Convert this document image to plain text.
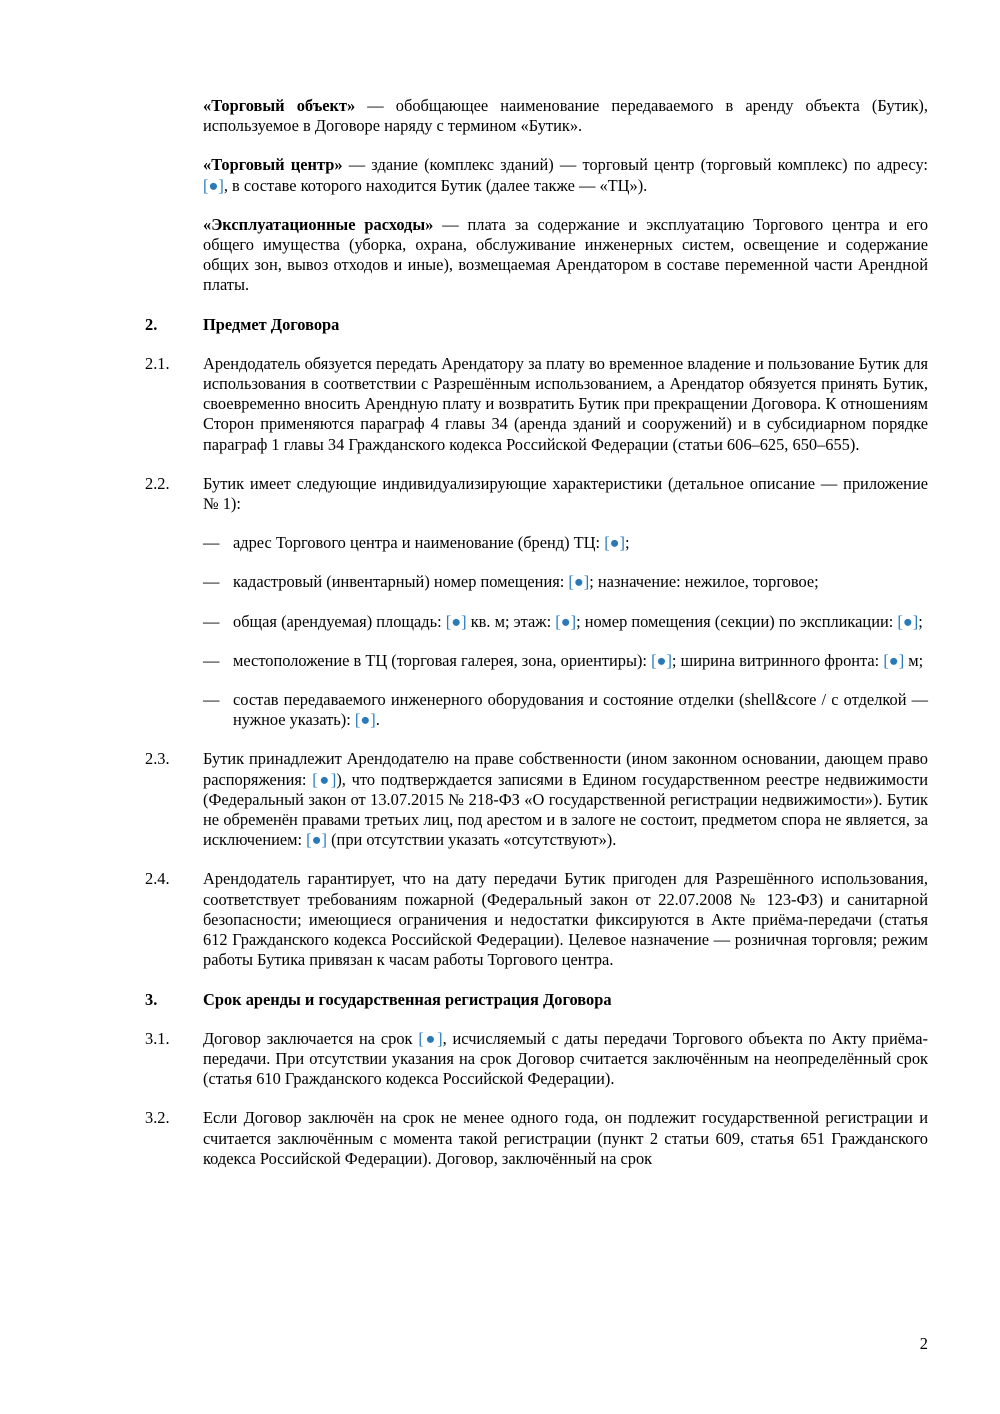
«Торговый объект» — обобщающее наименование передаваемого в аренду объекта (Бутик), используемое в Договоре наряду с термином «Бутик».
«Торговый центр» — здание (комплекс зданий) — торговый центр (торговый комплекс) по адресу: [●], в составе которого находится Бутик (далее также — «ТЦ»).
«Эксплуатационные расходы» — плата за содержание и эксплуатацию Торгового центра и его общего имущества (уборка, охрана, обслуживание инженерных систем, освещение и содержание общих зон, вывоз отходов и иные), возмещаемая Арендатором в составе переменной части Арендной платы.
2.	Предмет Договора
2.1.	Арендодатель обязуется передать Арендатору за плату во временное владение и пользование Бутик для использования в соответствии с Разрешённым использованием, а Арендатор обязуется принять Бутик, своевременно вносить Арендную плату и возвратить Бутик при прекращении Договора. К отношениям Сторон применяются параграф 4 главы 34 (аренда зданий и сооружений) и в субсидиарном порядке параграф 1 главы 34 Гражданского кодекса Российской Федерации (статьи 606–625, 650–655).
2.2.	Бутик имеет следующие индивидуализирующие характеристики (детальное описание — приложение № 1):
— адрес Торгового центра и наименование (бренд) ТЦ: [●];
— кадастровый (инвентарный) номер помещения: [●]; назначение: нежилое, торговое;
— общая (арендуемая) площадь: [●] кв. м; этаж: [●]; номер помещения (секции) по экспликации: [●];
— местоположение в ТЦ (торговая галерея, зона, ориентиры): [●]; ширина витринного фронта: [●] м;
— состав передаваемого инженерного оборудования и состояние отделки (shell&core / с отделкой — нужное указать): [●].
2.3.	Бутик принадлежит Арендодателю на праве собственности (ином законном основании, дающем право распоряжения: [●]), что подтверждается записями в Едином государственном реестре недвижимости (Федеральный закон от 13.07.2015 № 218-ФЗ «О государственной регистрации недвижимости»). Бутик не обременён правами третьих лиц, под арестом и в залоге не состоит, предметом спора не является, за исключением: [●] (при отсутствии указать «отсутствуют»).
2.4.	Арендодатель гарантирует, что на дату передачи Бутик пригоден для Разрешённого использования, соответствует требованиям пожарной (Федеральный закон от 22.07.2008 № 123-ФЗ) и санитарной безопасности; имеющиеся ограничения и недостатки фиксируются в Акте приёма-передачи (статья 612 Гражданского кодекса Российской Федерации). Целевое назначение — розничная торговля; режим работы Бутика привязан к часам работы Торгового центра.
3.	Срок аренды и государственная регистрация Договора
3.1.	Договор заключается на срок [●], исчисляемый с даты передачи Торгового объекта по Акту приёма-передачи. При отсутствии указания на срок Договор считается заключённым на неопределённый срок (статья 610 Гражданского кодекса Российской Федерации).
3.2.	Если Договор заключён на срок не менее одного года, он подлежит государственной регистрации и считается заключённым с момента такой регистрации (пункт 2 статьи 609, статья 651 Гражданского кодекса Российской Федерации). Договор, заключённый на срок
2
